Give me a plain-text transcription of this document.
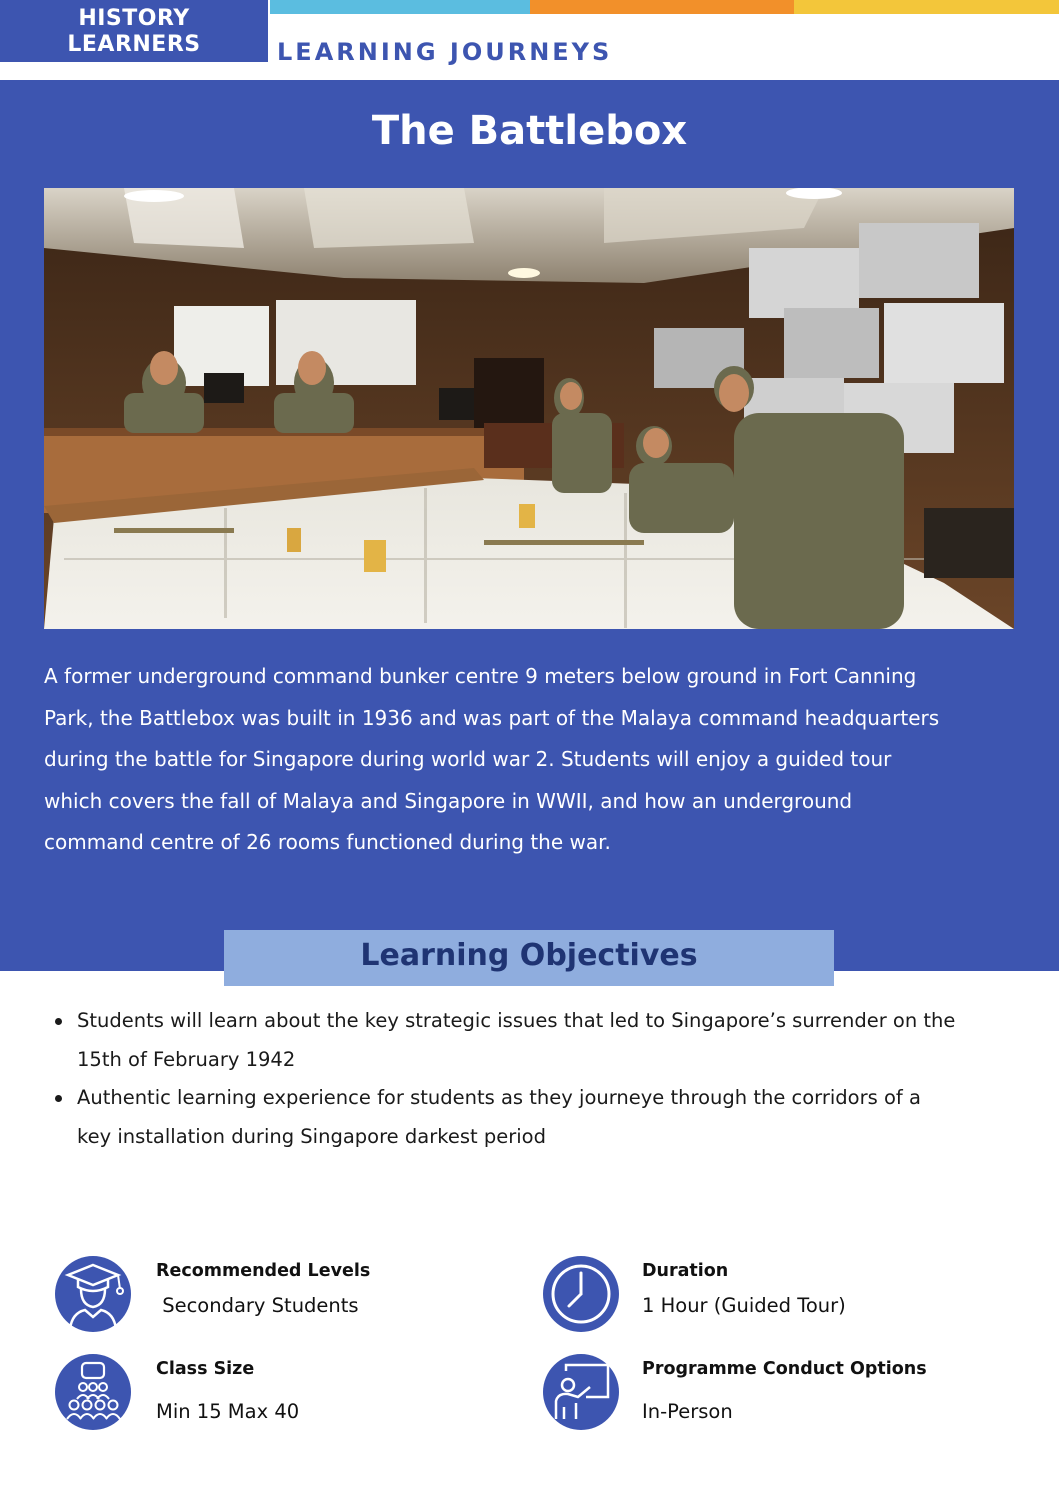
HISTORY
LEARNERS	LEARNING JOURNEYS
The Battlebox
A former underground command bunker centre 9 meters below ground in Fort Canning
Park, the Battlebox was built in 1936 and was part of the Malaya command headquarters
during the battle for Singapore during world war 2. Students will enjoy a guided tour
which covers the fall of Malaya and Singapore in WWII, and how an underground
command centre of 26 rooms functioned during the war.
Learning Objectives
Students will learn about the key strategic issues that led to Singapore’s surrender on the
15th of February 1942
Authentic learning experience for students as they journeye through the corridors of a
key installation during Singapore darkest period
Recommended Levels
Secondary Students
Duration
1 Hour (Guided Tour)
Class Size
Min 15 Max 40
Programme Conduct Options
In-Person
